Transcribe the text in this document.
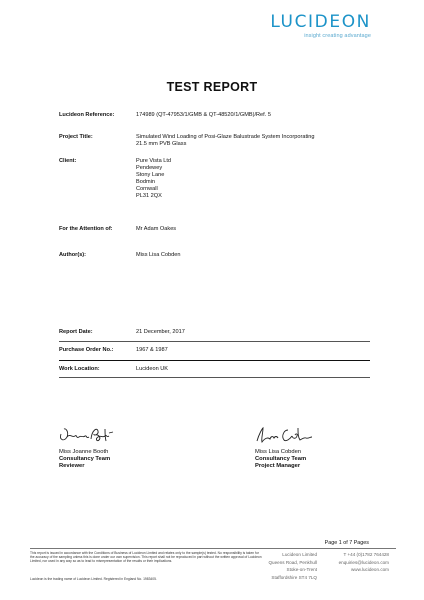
LUCIDEON
insight creating advantage
TEST REPORT
Lucideon Reference:	174989 (QT-47953/1/GMB & QT-48520/1/GMB)/Ref. 5
Project Title:	Simulated Wind Loading of Posi-Glaze Balustrade System Incorporating
21.5 mm PVB Glass
Client:	Pure Vista Ltd
Pendewey
Stony Lane
Bodmin
Cornwall
PL31 2QX
For the Attention of:	Mr Adam Oakes
Author(s):	Miss Lisa Cobden
Report Date:	21 December, 2017
Purchase Order No.:	1967 & 1987
Work Location:	Lucideon UK
Miss Joanne Booth
Consultancy Team
Reviewer
Miss Lisa Cobden
Consultancy Team
Project Manager
Page 1 of 7 Pages
This report is issued in accordance with the Conditions of Business of Lucideon Limited and relates only to the sample(s) tested. No responsibility is taken for the accuracy of the sampling unless this is done under our own supervision. This report shall not be reproduced in part without the written approval of Lucideon Limited, nor used in any way so as to lead to misrepresentation of the results or their implications.
Lucideon is the trading name of Lucideon Limited. Registered in England No. 1983405.
Lucideon Limited
Queens Road, Penkhull
Stoke-on-Trent
Staffordshire ST4 7LQ
T +44 (0)1782 764428
enquiries@lucideon.com
www.lucideon.com
